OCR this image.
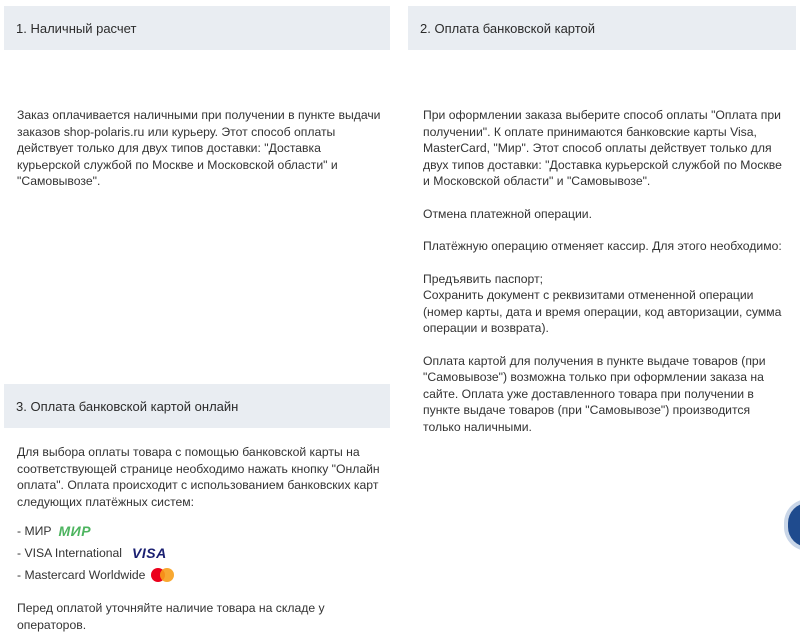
1. Наличный расчет

Заказ оплачивается наличными при получении в пункте выдачи заказов shop-polaris.ru или курьеру. Этот способ оплаты действует только для двух типов доставки: "Доставка курьерской службой по Москве и Московской области" и "Самовывозе".

2. Оплата банковской картой

При оформлении заказа выберите способ оплаты "Оплата при получении". К оплате принимаются банковские карты Visa, MasterCard, "Мир". Этот способ оплаты действует только для двух типов доставки: "Доставка курьерской службой по Москве и Московской области" и "Самовывозе".

Отмена платежной операции.

Платёжную операцию отменяет кассир. Для этого необходимо:

Предъявить паспорт;

Сохранить документ с реквизитами отмененной операции (номер карты, дата и время операции, код авторизации, сумма операции и возврата).

Оплата картой для получения в пункте выдаче товаров (при "Самовывозе") возможна только при оформлении заказа на сайте. Оплата уже доставленного товара при получении в пункте выдаче товаров (при "Самовывозе") производится только наличными.

3. Оплата банковской картой онлайн

Для выбора оплаты товара с помощью банковской карты на соответствующей странице необходимо нажать кнопку "Онлайн оплата". Оплата происходит с использованием банковских карт следующих платёжных систем:

- МИР МИР
- VISA International VISA
- Mastercard Worldwide

Перед оплатой уточняйте наличие товара на складе у операторов.
